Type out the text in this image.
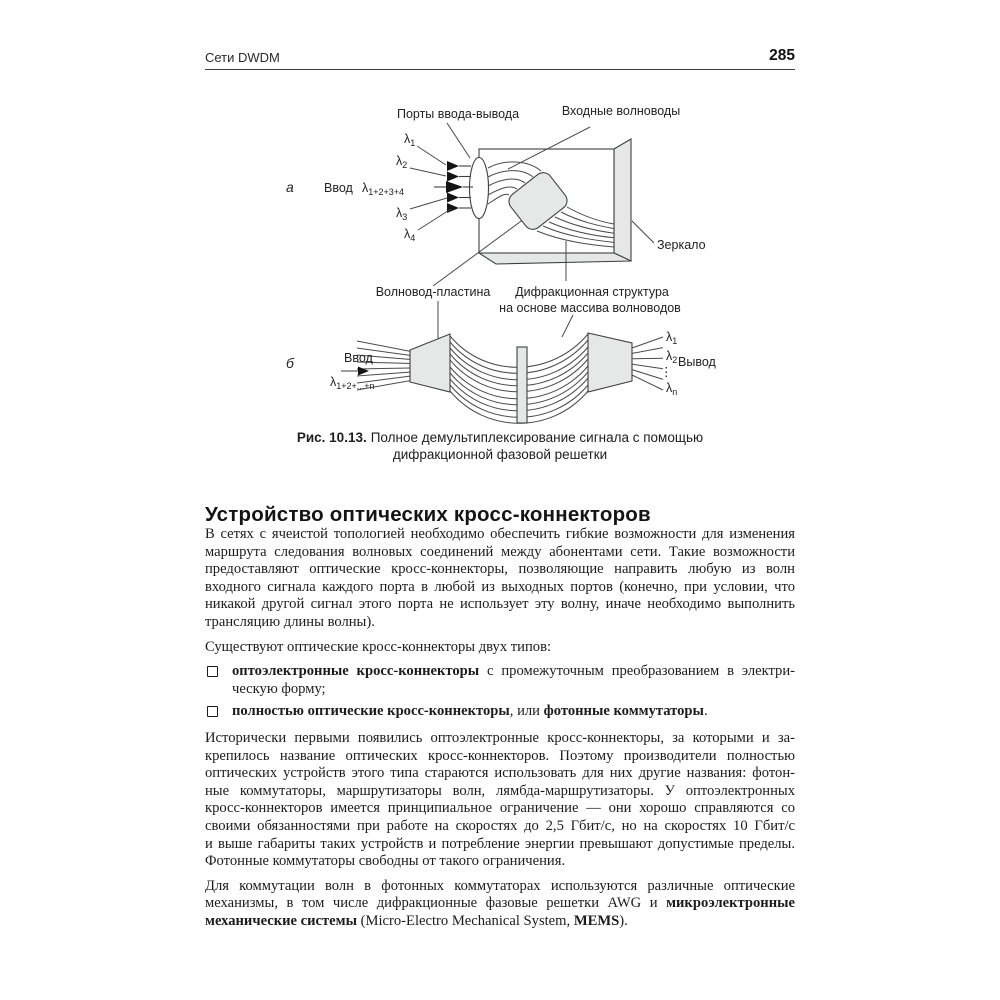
Сети DWDM	285
Порты ввода-вывода	Входные волноводы
Зеркало
а Ввод $\lambda_{1+2+3+4}$
$\lambda_1$
$\lambda_2$
$\lambda_3$
$\lambda_4$
Волновод-пластина Дифракционная структура
на основе массива волноводов
б	Ввод
$\lambda_{1+2+...+n}$
$\lambda_1$
$\lambda_2$
⋮
$\lambda_n$
Вывод
Рис. 10.13. Полное демультиплексирование сигнала с помощью
дифракционной фазовой решетки
Устройство оптических кросс-коннекторов
В сетях с ячеистой топологией необходимо обеспечить гибкие возможности для изменения
маршрута следования волновых соединений между абонентами сети. Такие возможности
предоставляют оптические кросс-коннекторы, позволяющие направить любую из волн
входного сигнала каждого порта в любой из выходных портов (конечно, при условии, что
никакой другой сигнал этого порта не использует эту волну, иначе необходимо выполнить
трансляцию длины волны).
Существуют оптические кросс-коннекторы двух типов:
оптоэлектронные кросс-коннекторы с промежуточным преобразованием в электри-
ческую форму;
полностью оптические кросс-коннекторы, или фотонные коммутаторы.
Исторически первыми появились оптоэлектронные кросс-коннекторы, за которыми и за-
крепилось название оптических кросс-коннекторов. Поэтому производители полностью
оптических устройств этого типа стараются использовать для них другие названия: фотон-
ные коммутаторы, маршрутизаторы волн, лямбда-маршрутизаторы. У оптоэлектронных
кросс-коннекторов имеется принципиальное ограничение — они хорошо справляются со
своими обязанностями при работе на скоростях до 2,5 Гбит/с, но на скоростях 10 Гбит/с
и выше габариты таких устройств и потребление энергии превышают допустимые пределы.
Фотонные коммутаторы свободны от такого ограничения.
Для коммутации волн в фотонных коммутаторах используются различные оптические
механизмы, в том числе дифракционные фазовые решетки AWG и микроэлектронные
механические системы (Micro-Electro Mechanical System, MEMS).
